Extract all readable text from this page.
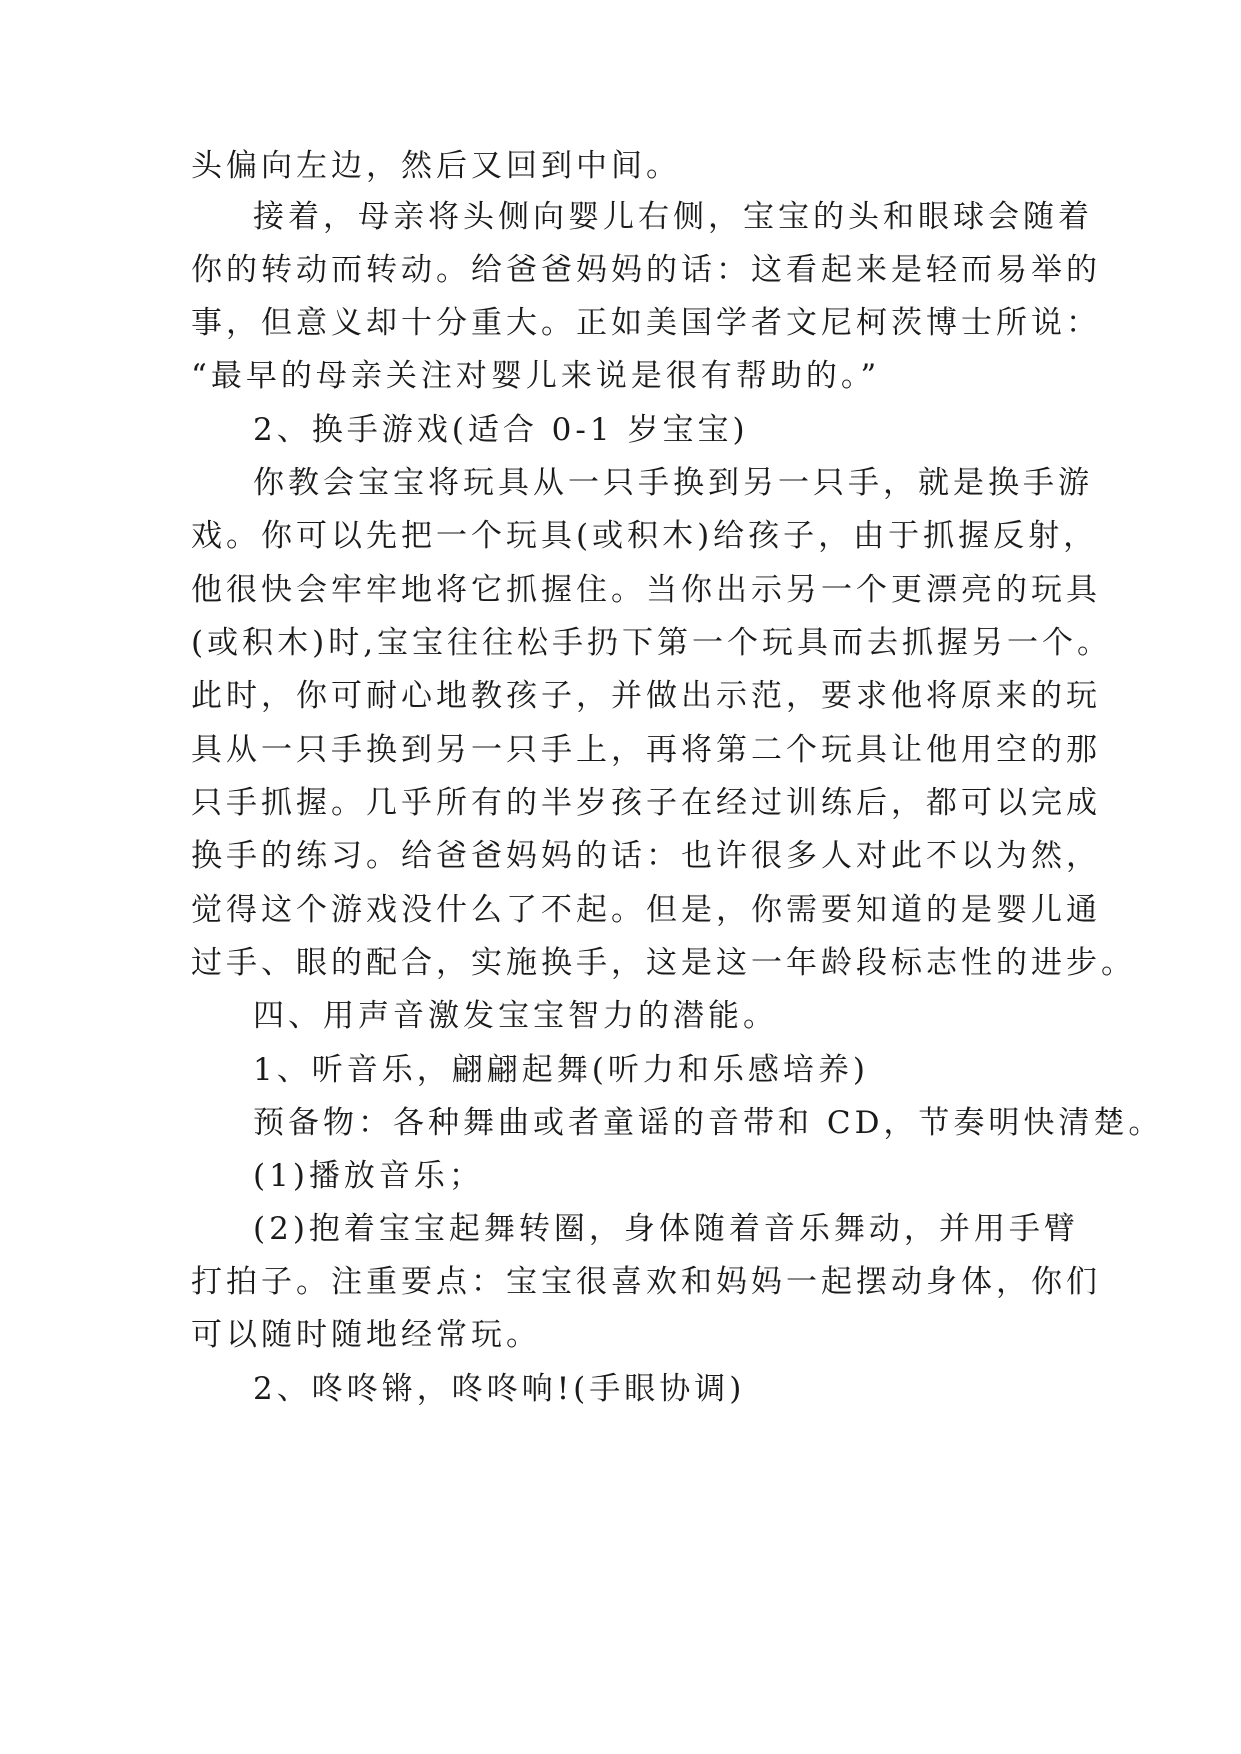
头偏向左边，然后又回到中间。
接着，母亲将头侧向婴儿右侧，宝宝的头和眼球会随着
你的转动而转动。给爸爸妈妈的话：这看起来是轻而易举的
事，但意义却十分重大。正如美国学者文尼柯茨博士所说：
“最早的母亲关注对婴儿来说是很有帮助的。”
2、换手游戏(适合 0-1 岁宝宝)
你教会宝宝将玩具从一只手换到另一只手，就是换手游
戏。你可以先把一个玩具(或积木)给孩子，由于抓握反射，
他很快会牢牢地将它抓握住。当你出示另一个更漂亮的玩具
(或积木)时,宝宝往往松手扔下第一个玩具而去抓握另一个。
此时，你可耐心地教孩子，并做出示范，要求他将原来的玩
具从一只手换到另一只手上，再将第二个玩具让他用空的那
只手抓握。几乎所有的半岁孩子在经过训练后，都可以完成
换手的练习。给爸爸妈妈的话：也许很多人对此不以为然，
觉得这个游戏没什么了不起。但是，你需要知道的是婴儿通
过手、眼的配合，实施换手，这是这一年龄段标志性的进步。
四、用声音激发宝宝智力的潜能。
1、听音乐，翩翩起舞(听力和乐感培养)
预备物：各种舞曲或者童谣的音带和 CD，节奏明快清楚。
(1)播放音乐；
(2)抱着宝宝起舞转圈，身体随着音乐舞动，并用手臂
打拍子。注重要点：宝宝很喜欢和妈妈一起摆动身体，你们
可以随时随地经常玩。
2、咚咚锵，咚咚响!(手眼协调)
